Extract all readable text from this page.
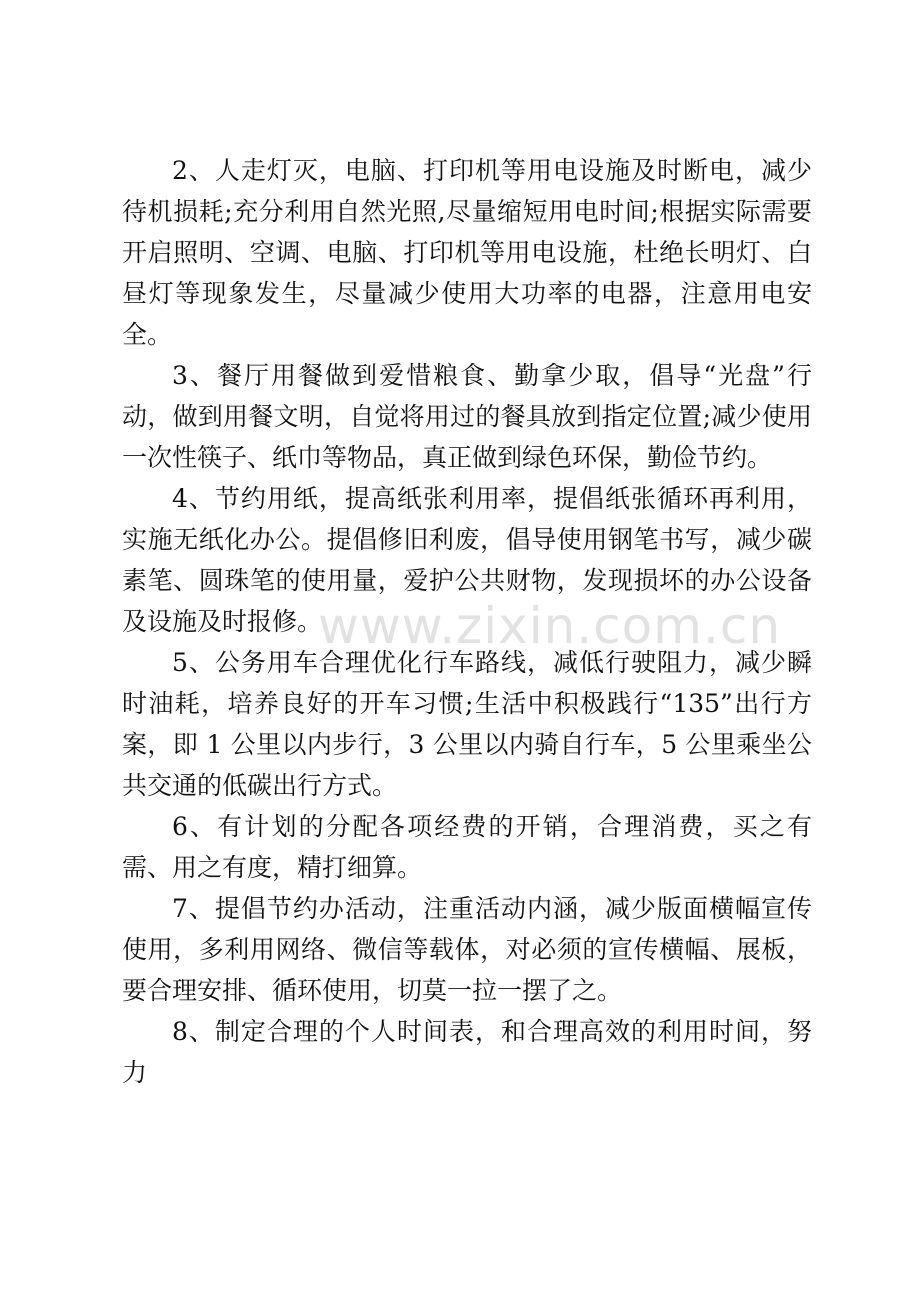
2、人走灯灭，电脑、打印机等用电设施及时断电，减少待机损耗;充分利用自然光照,尽量缩短用电时间;根据实际需要开启照明、空调、电脑、打印机等用电设施，杜绝长明灯、白昼灯等现象发生，尽量减少使用大功率的电器，注意用电安全。

3、餐厅用餐做到爱惜粮食、勤拿少取，倡导“光盘”行动，做到用餐文明，自觉将用过的餐具放到指定位置;减少使用一次性筷子、纸巾等物品，真正做到绿色环保，勤俭节约。

4、节约用纸，提高纸张利用率，提倡纸张循环再利用，实施无纸化办公。提倡修旧利废，倡导使用钢笔书写，减少碳素笔、圆珠笔的使用量，爱护公共财物，发现损坏的办公设备及设施及时报修。

5、公务用车合理优化行车路线，减低行驶阻力，减少瞬时油耗，培养良好的开车习惯;生活中积极践行“135”出行方案，即 1 公里以内步行，3 公里以内骑自行车，5 公里乘坐公共交通的低碳出行方式。

6、有计划的分配各项经费的开销，合理消费，买之有需、用之有度，精打细算。

7、提倡节约办活动，注重活动内涵，减少版面横幅宣传使用，多利用网络、微信等载体，对必须的宣传横幅、展板，要合理安排、循环使用，切莫一拉一摆了之。

8、制定合理的个人时间表，和合理高效的利用时间，努力

www.zixin.com.cn
